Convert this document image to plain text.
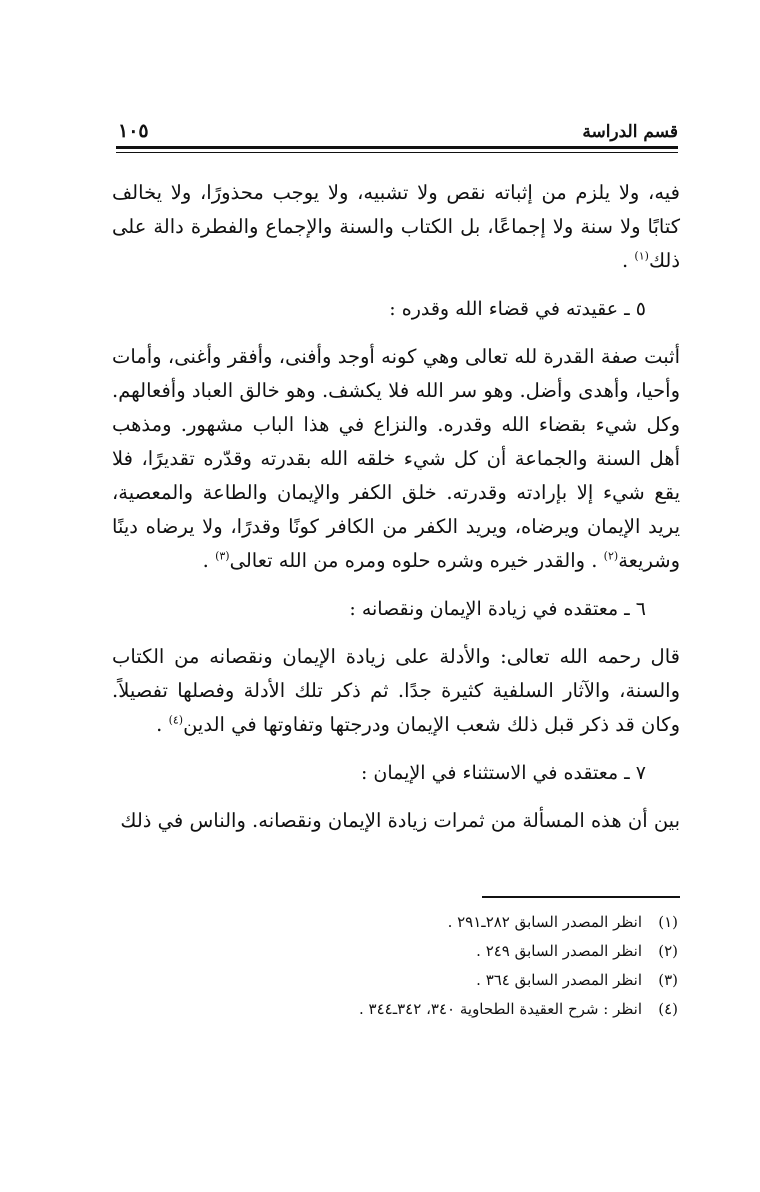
قسم الدراسة
١٠٥

فيه، ولا يلزم من إثباته نقص ولا تشبيه، ولا يوجب محذورًا، ولا يخالف كتابًا ولا سنة ولا إجماعًا، بل الكتاب والسنة والإجماع والفطرة دالة على ذلك$^{(١)}$ .

٥ ـ عقيدته في قضاء الله وقدره :

أثبت صفة القدرة لله تعالى وهي كونه أوجد وأفنى، وأفقر وأغنى، وأمات وأحيا، وأهدى وأضل. وهو سر الله فلا يكشف. وهو خالق العباد وأفعالهم. وكل شيء بقضاء الله وقدره. والنزاع في هذا الباب مشهور. ومذهب أهل السنة والجماعة أن كل شيء خلقه الله بقدرته وقدّره تقديرًا، فلا يقع شيء إلا بإرادته وقدرته. خلق الكفر والإيمان والطاعة والمعصية، يريد الإيمان ويرضاه، ويريد الكفر من الكافر كونًا وقدرًا، ولا يرضاه دينًا وشريعة$^{(٢)}$ . والقدر خيره وشره حلوه ومره من الله تعالى$^{(٣)}$ .

٦ ـ معتقده في زيادة الإيمان ونقصانه :

قال رحمه الله تعالى: والأدلة على زيادة الإيمان ونقصانه من الكتاب والسنة، والآثار السلفية كثيرة جدًا. ثم ذكر تلك الأدلة وفصلها تفصيلاً. وكان قد ذكر قبل ذلك شعب الإيمان ودرجتها وتفاوتها في الدين$^{(٤)}$ .

٧ ـ معتقده في الاستثناء في الإيمان :

بين أن هذه المسألة من ثمرات زيادة الإيمان ونقصانه. والناس في ذلك

(١)
انظر المصدر السابق ٢٨٢ـ٢٩١ .
(٢)
انظر المصدر السابق ٢٤٩ .
(٣)
انظر المصدر السابق ٣٦٤ .
(٤)
انظر : شرح العقيدة الطحاوية ٣٤٠، ٣٤٢ـ٣٤٤ .
